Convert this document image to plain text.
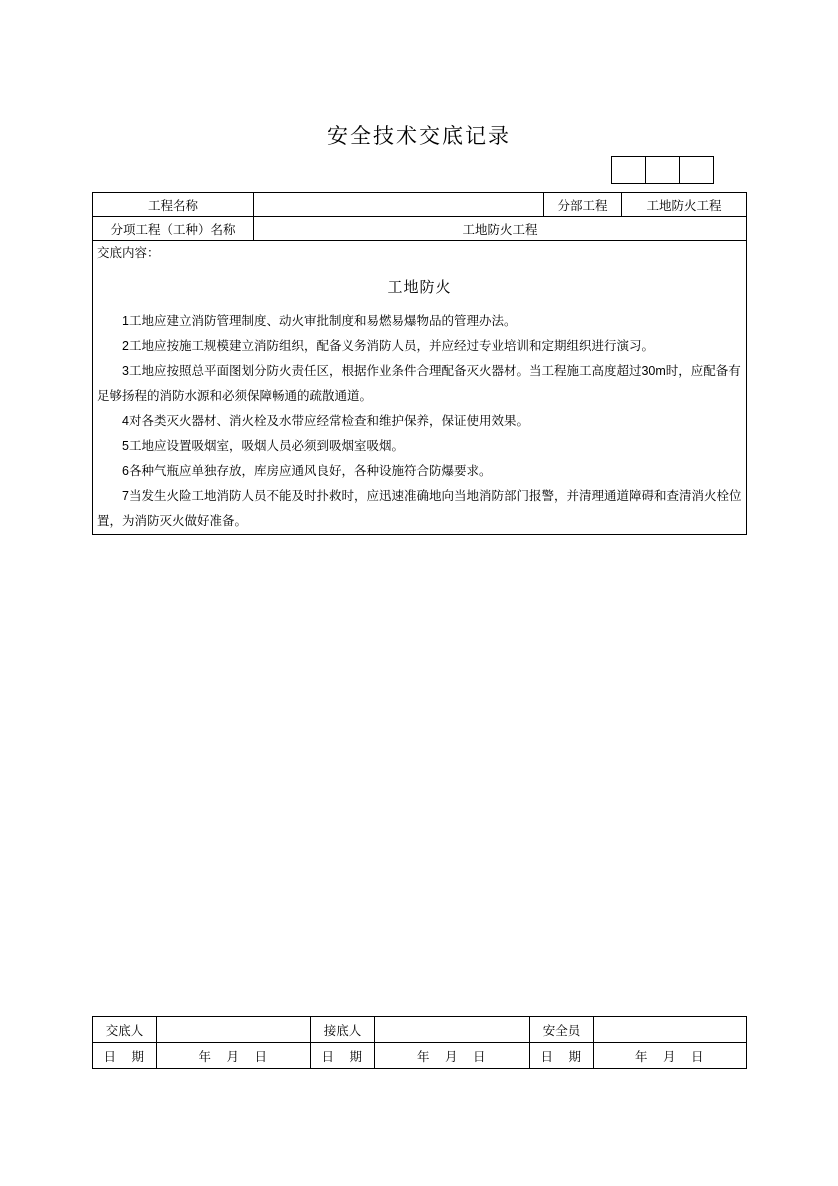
安全技术交底记录
工程名称		分部工程	工地防火工程
分项工程（工种）名称	工地防火工程		

交底内容：
工地防火

1工地应建立消防管理制度、动火审批制度和易燃易爆物品的管理办法。

2工地应按施工规模建立消防组织，配备义务消防人员，并应经过专业培训和定期组织进行演习。

3工地应按照总平面图划分防火责任区，根据作业条件合理配备灭火器材。当工程施工高度超过30m时，应配备有足够扬程的消防水源和必须保障畅通的疏散通道。

4对各类灭火器材、消火栓及水带应经常检查和维护保养，保证使用效果。

5工地应设置吸烟室，吸烟人员必须到吸烟室吸烟。

6各种气瓶应单独存放，库房应通风良好，各种设施符合防爆要求。

7当发生火险工地消防人员不能及时扑救时，应迅速准确地向当地消防部门报警，并清理通道障碍和查清消火栓位置，为消防灭火做好准备。

交底人		接底人		安全员	
日　期	年　月　日	日　期	年　月　日	日　期	年　月　日
